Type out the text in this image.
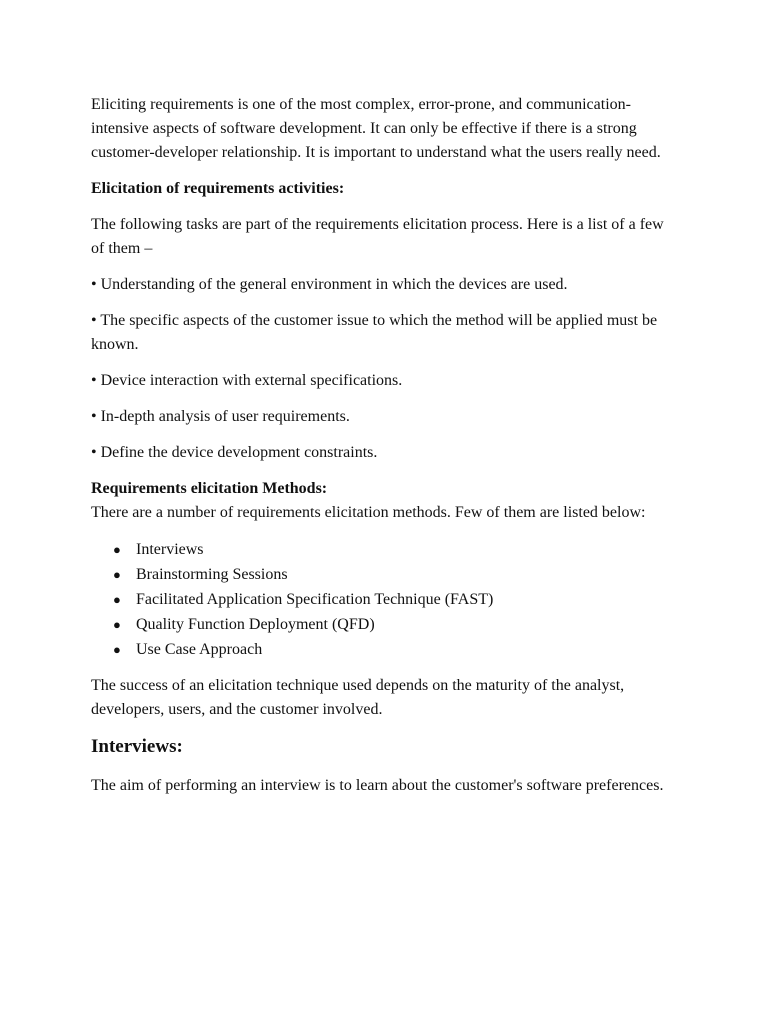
Eliciting requirements is one of the most complex, error-prone, and communication-intensive aspects of software development. It can only be effective if there is a strong customer-developer relationship. It is important to understand what the users really need.

Elicitation of requirements activities:

The following tasks are part of the requirements elicitation process. Here is a list of a few of them –

• Understanding of the general environment in which the devices are used.

• The specific aspects of the customer issue to which the method will be applied must be known.

• Device interaction with external specifications.

• In-depth analysis of user requirements.

• Define the device development constraints.

Requirements elicitation Methods:

There are a number of requirements elicitation methods. Few of them are listed below:

● Interviews
● Brainstorming Sessions
● Facilitated Application Specification Technique (FAST)
● Quality Function Deployment (QFD)
● Use Case Approach

The success of an elicitation technique used depends on the maturity of the analyst, developers, users, and the customer involved.

Interviews:

The aim of performing an interview is to learn about the customer's software preferences.
